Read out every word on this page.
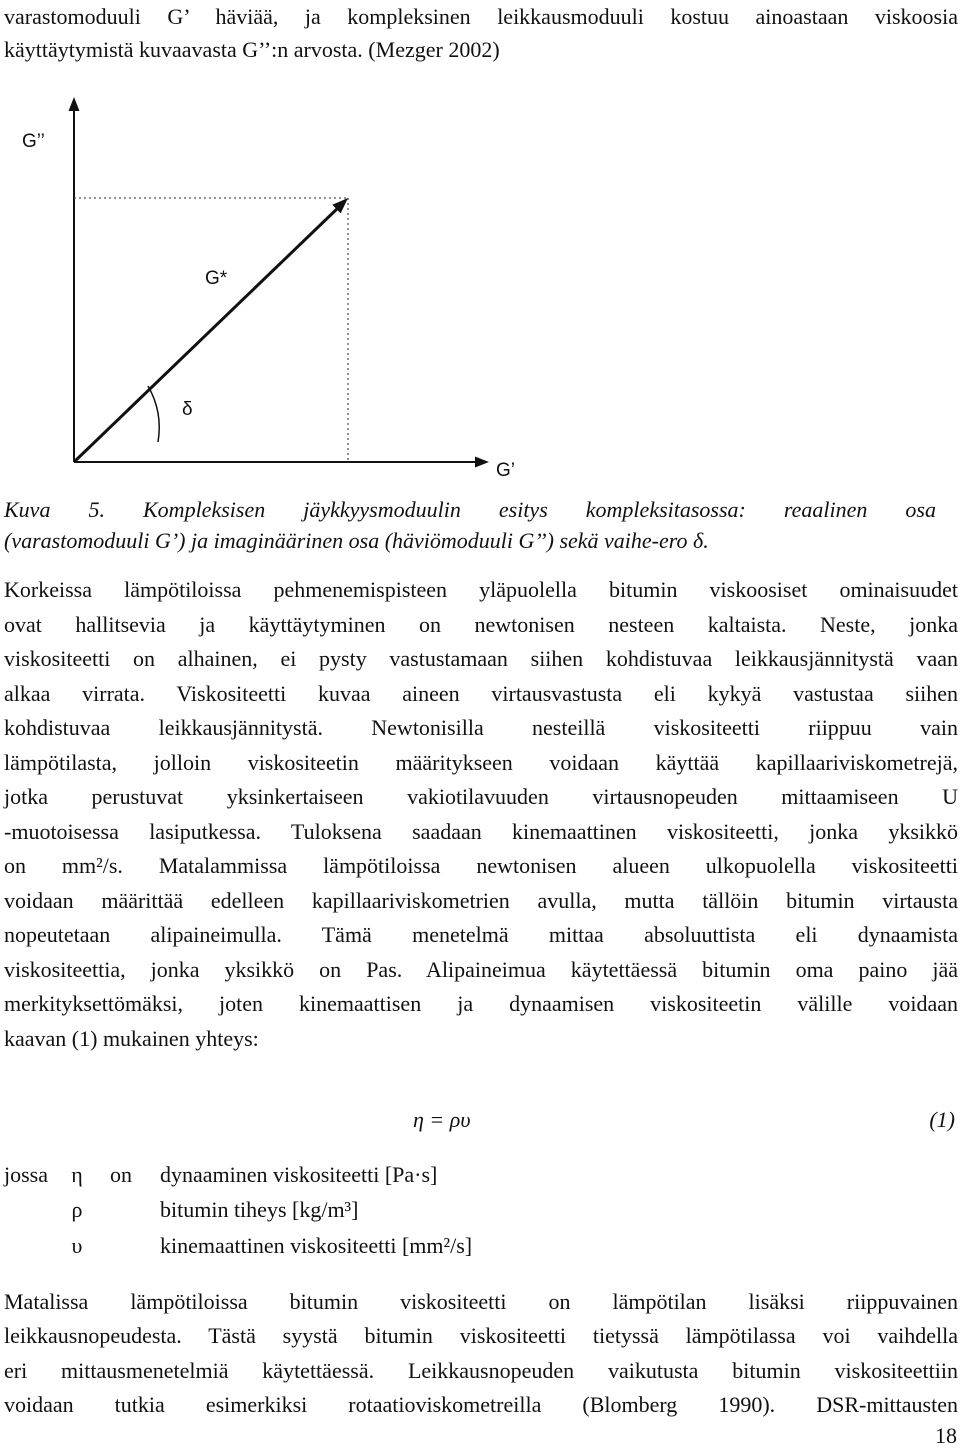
varastomoduuli G’ häviää, ja kompleksinen leikkausmoduuli kostuu ainoastaan viskoosia
käyttäytymistä kuvaavasta G’’:n arvosta. (Mezger 2002)
G’’
G*
δ
G’
Kuva 5. Kompleksisen jäykkyysmoduulin esitys kompleksitasossa: reaalinen osa
(varastomoduuli G’) ja imaginäärinen osa (häviömoduuli G’’) sekä vaihe-ero δ.
Korkeissa lämpötiloissa pehmenemispisteen yläpuolella bitumin viskoosiset ominaisuudet
ovat hallitsevia ja käyttäytyminen on newtonisen nesteen kaltaista. Neste, jonka
viskositeetti on alhainen, ei pysty vastustamaan siihen kohdistuvaa leikkausjännitystä vaan
alkaa virrata. Viskositeetti kuvaa aineen virtausvastusta eli kykyä vastustaa siihen
kohdistuvaa leikkausjännitystä. Newtonisilla nesteillä viskositeetti riippuu vain
lämpötilasta, jolloin viskositeetin määritykseen voidaan käyttää kapillaariviskometrejä,
jotka perustuvat yksinkertaiseen vakiotilavuuden virtausnopeuden mittaamiseen U
-muotoisessa lasiputkessa. Tuloksena saadaan kinemaattinen viskositeetti, jonka yksikkö
on mm²/s. Matalammissa lämpötiloissa newtonisen alueen ulkopuolella viskositeetti
voidaan määrittää edelleen kapillaariviskometrien avulla, mutta tällöin bitumin virtausta
nopeutetaan alipaineimulla. Tämä menetelmä mittaa absoluuttista eli dynaamista
viskositeettia, jonka yksikkö on Pas. Alipaineimua käytettäessä bitumin oma paino jää
merkityksettömäksi, joten kinemaattisen ja dynaamisen viskositeetin välille voidaan
kaavan (1) mukainen yhteys:
η = ρυ	(1)
jossa η on dynaaminen viskositeetti [Pa·s]
ρ	bitumin tiheys [kg/m³]
υ	kinemaattinen viskositeetti [mm²/s]
Matalissa lämpötiloissa bitumin viskositeetti on lämpötilan lisäksi riippuvainen
leikkausnopeudesta. Tästä syystä bitumin viskositeetti tietyssä lämpötilassa voi vaihdella
eri mittausmenetelmiä käytettäessä. Leikkausnopeuden vaikutusta bitumin viskositeettiin
voidaan tutkia esimerkiksi rotaatioviskometreilla (Blomberg 1990). DSR-mittausten
18
